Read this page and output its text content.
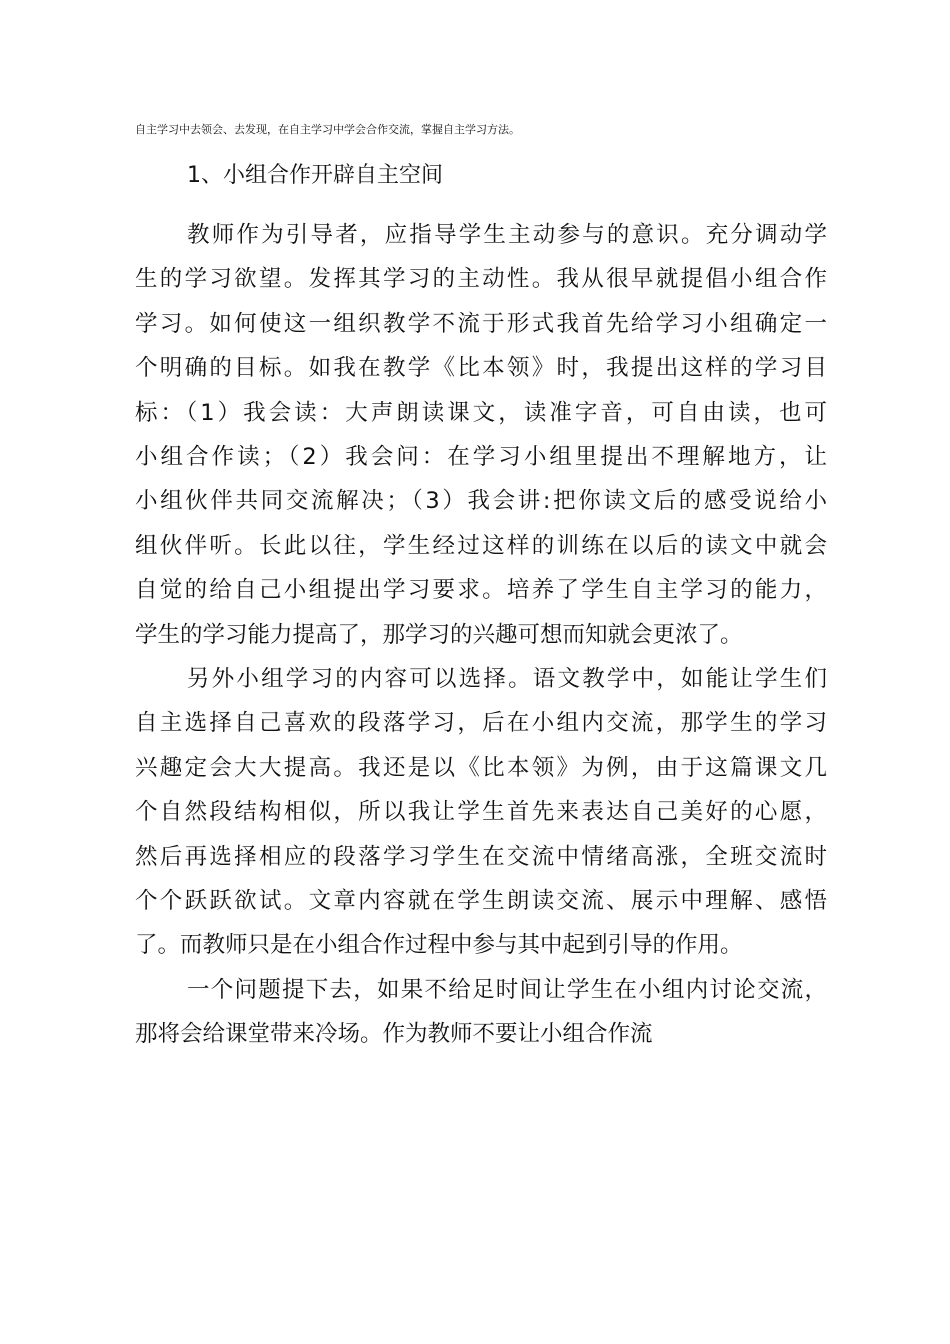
自主学习中去领会、去发现，在自主学习中学会合作交流，掌握自主学习方法。
1、小组合作开辟自主空间
教师作为引导者，应指导学生主动参与的意识。充分调动学
生的学习欲望。发挥其学习的主动性。我从很早就提倡小组合作
学习。如何使这一组织教学不流于形式我首先给学习小组确定一
个明确的目标。如我在教学《比本领》时，我提出这样的学习目
标：（1）我会读：大声朗读课文，读准字音，可自由读，也可
小组合作读；（2）我会问：在学习小组里提出不理解地方，让
小组伙伴共同交流解决；（3）我会讲:把你读文后的感受说给小
组伙伴听。长此以往，学生经过这样的训练在以后的读文中就会
自觉的给自己小组提出学习要求。培养了学生自主学习的能力，
学生的学习能力提高了，那学习的兴趣可想而知就会更浓了。
另外小组学习的内容可以选择。语文教学中，如能让学生们
自主选择自己喜欢的段落学习，后在小组内交流，那学生的学习
兴趣定会大大提高。我还是以《比本领》为例，由于这篇课文几
个自然段结构相似，所以我让学生首先来表达自己美好的心愿，
然后再选择相应的段落学习学生在交流中情绪高涨，全班交流时
个个跃跃欲试。文章内容就在学生朗读交流、展示中理解、感悟
了。而教师只是在小组合作过程中参与其中起到引导的作用。
一个问题提下去，如果不给足时间让学生在小组内讨论交流，
那将会给课堂带来冷场。作为教师不要让小组合作流
